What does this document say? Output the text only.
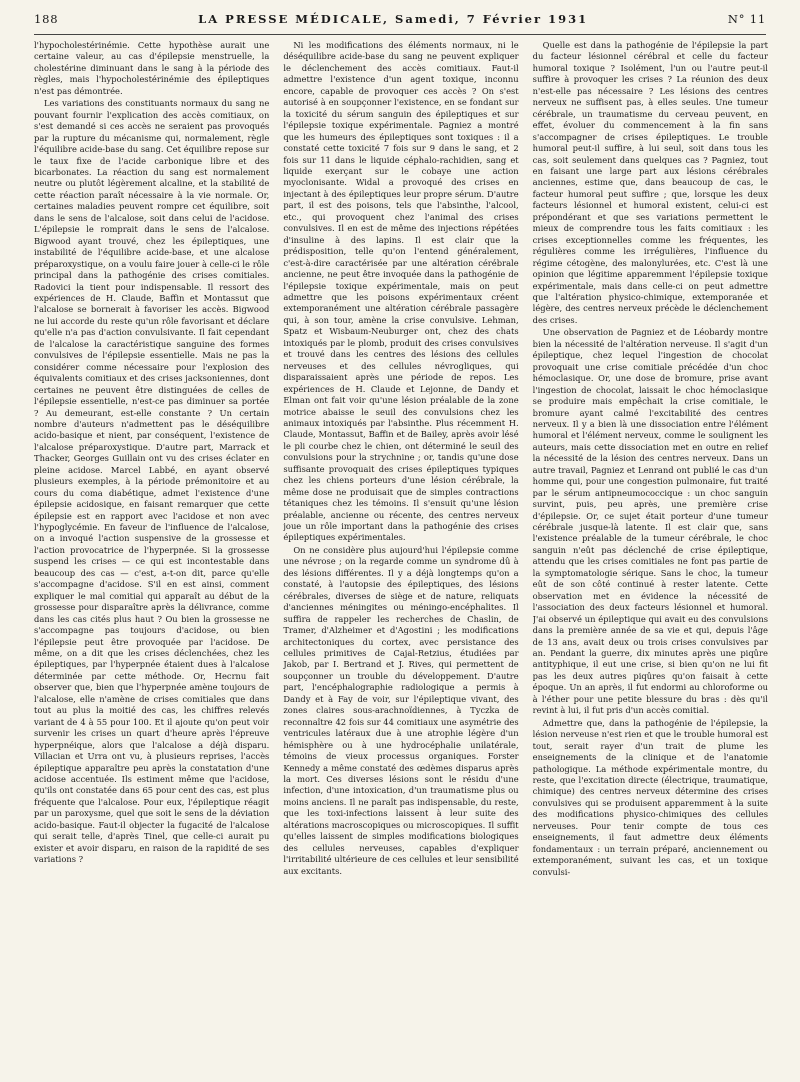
188	LA PRESSE MÉDICALE, Samedi, 7 Février 1931	N° 11

l'hypocholestérinémie. Cette hypothèse aurait une certaine valeur, au cas d'épilepsie menstruelle, la cholestérine diminuant dans le sang à la période des règles, mais l'hypocholestérinémie des épileptiques n'est pas démontrée.

Les variations des constituants normaux du sang ne pouvant fournir l'explication des accès comitiaux, on s'est demandé si ces accès ne seraient pas provoqués par la rupture du mécanisme qui, normalement, règle l'équilibre acide-base du sang. Cet équilibre repose sur le taux fixe de l'acide carbonique libre et des bicarbonates. La réaction du sang est normalement neutre ou plutôt légèrement alcaline, et la stabilité de cette réaction paraît nécessaire à la vie normale. Or, certaines maladies peuvent rompre cet équilibre, soit dans le sens de l'alcalose, soit dans celui de l'acidose. L'épilepsie le romprait dans le sens de l'alcalose. Bigwood ayant trouvé, chez les épileptiques, une instabilité de l'équilibre acide-base, et une alcalose préparoxystique, on a voulu faire jouer à celle-ci le rôle principal dans la pathogénie des crises comitiales. Radovici la tient pour indispensable. Il ressort des expériences de H. Claude, Baffin et Montassut que l'alcalose se bornerait à favoriser les accès. Bigwood ne lui accorde du reste qu'un rôle favorisant et déclare qu'elle n'a pas d'action convulsivante. Il fait cependant de l'alcalose la caractéristique sanguine des formes convulsives de l'épilepsie essentielle. Mais ne pas la considérer comme nécessaire pour l'explosion des équivalents comitiaux et des crises jacksoniennes, dont certaines ne peuvent être distinguées de celles de l'épilepsie essentielle, n'est-ce pas diminuer sa portée ? Au demeurant, est-elle constante ? Un certain nombre d'auteurs n'admettent pas le déséquilibre acido-basique et nient, par conséquent, l'existence de l'alcalose préparoxystique. D'autre part, Marrack et Thacker, Georges Guillain ont vu des crises éclater en pleine acidose. Marcel Labbé, en ayant observé plusieurs exemples, à la période prémonitoire et au cours du coma diabétique, admet l'existence d'une épilepsie acidosique, en faisant remarquer que cette épilepsie est en rapport avec l'acidose et non avec l'hypoglycémie. En faveur de l'influence de l'alcalose, on a invoqué l'action suspensive de la grossesse et l'action provocatrice de l'hyperpnée. Si la grossesse suspend les crises — ce qui est incontestable dans beaucoup des cas — c'est, a-t-on dit, parce qu'elle s'accompagne d'acidose. S'il en est ainsi, comment expliquer le mal comitial qui apparaît au début de la grossesse pour disparaître après la délivrance, comme dans les cas cités plus haut ? Ou bien la grossesse ne s'accompagne pas toujours d'acidose, ou bien l'épilepsie peut être provoquée par l'acidose. De même, on a dit que les crises déclenchées, chez les épileptiques, par l'hyperpnée étaient dues à l'alcalose déterminée par cette méthode. Or, Hecrnu fait observer que, bien que l'hyperpnée amène toujours de l'alcalose, elle n'amène de crises comitiales que dans tout au plus la moitié des cas, les chiffres relevés variant de 4 à 55 pour 100. Et il ajoute qu'on peut voir survenir les crises un quart d'heure après l'épreuve hyperpnéique, alors que l'alcalose a déjà disparu. Villacian et Urra ont vu, à plusieurs reprises, l'accès épileptique apparaître peu après la constatation d'une acidose accentuée. Ils estiment même que l'acidose, qu'ils ont constatée dans 65 pour cent des cas, est plus fréquente que l'alcalose. Pour eux, l'épileptique réagit par un paroxysme, quel que soit le sens de la déviation acido-basique. Faut-il objecter la fugacité de l'alcalose qui serait telle, d'après Tinel, que celle-ci aurait pu exister et avoir disparu, en raison de la rapidité de ses variations ?

Ni les modifications des éléments normaux, ni le déséquilibre acide-base du sang ne peuvent expliquer le déclenchement des accès comitiaux. Faut-il admettre l'existence d'un agent toxique, inconnu encore, capable de provoquer ces accès ? On s'est autorisé à en soupçonner l'existence, en se fondant sur la toxicité du sérum sanguin des épileptiques et sur l'épilepsie toxique expérimentale. Pagniez a montré que les humeurs des épileptiques sont toxiques : il a constaté cette toxicité 7 fois sur 9 dans le sang, et 2 fois sur 11 dans le liquide céphalo-rachidien, sang et liquide exerçant sur le cobaye une action myoclonisante. Widal a provoqué des crises en injectant à des épileptiques leur propre sérum. D'autre part, il est des poisons, tels que l'absinthe, l'alcool, etc., qui provoquent chez l'animal des crises convulsives. Il en est de même des injections répétées d'insuline à des lapins. Il est clair que la prédisposition, telle qu'on l'entend généralement, c'est-à-dire caractérisée par une altération cérébrale ancienne, ne peut être invoquée dans la pathogénie de l'épilepsie toxique expérimentale, mais on peut admettre que les poisons expérimentaux créent extemporanément une altération cérébrale passagère qui, à son tour, amène la crise convulsive. Lehman, Spatz et Wisbaum-Neuburger ont, chez des chats intoxiqués par le plomb, produit des crises convulsives et trouvé dans les centres des lésions des cellules nerveuses et des cellules névrogliques, qui disparaissaient après une période de repos. Les expériences de H. Claude et Lejonne, de Dandy et Elman ont fait voir qu'une lésion préalable de la zone motrice abaisse le seuil des convulsions chez les animaux intoxiqués par l'absinthe. Plus récemment H. Claude, Montassut, Baffin et de Bailey, après avoir lésé le pli courbe chez le chien, ont déterminé le seuil des convulsions pour la strychnine ; or, tandis qu'une dose suffisante provoquait des crises épileptiques typiques chez les chiens porteurs d'une lésion cérébrale, la même dose ne produisait que de simples contractions tétaniques chez les témoins. Il s'ensuit qu'une lésion préalable, ancienne ou récente, des centres nerveux joue un rôle important dans la pathogénie des crises épileptiques expérimentales.

On ne considère plus aujourd'hui l'épilepsie comme une névrose ; on la regarde comme un syndrome dû à des lésions différentes. Il y a déjà longtemps qu'on a constaté, à l'autopsie des épileptiques, des lésions cérébrales, diverses de siège et de nature, reliquats d'anciennes méningites ou méningo-encéphalites. Il suffira de rappeler les recherches de Chaslin, de Tramer, d'Alzheimer et d'Agostini ; les modifications architectoniques du cortex, avec persistance des cellules primitives de Cajal-Retzius, étudiées par Jakob, par I. Bertrand et J. Rives, qui permettent de soupçonner un trouble du développement. D'autre part, l'encéphalographie radiologique a permis à Dandy et à Fay de voir, sur l'épileptique vivant, des zones claires sous-arachnoïdiennes, à Tyczka de reconnaître 42 fois sur 44 comitiaux une asymétrie des ventricules latéraux due à une atrophie légère d'un hémisphère ou à une hydrocéphalie unilatérale, témoins de vieux processus organiques. Forster Kennedy a même constaté des œdèmes disparus après la mort. Ces diverses lésions sont le résidu d'une infection, d'une intoxication, d'un traumatisme plus ou moins anciens. Il ne paraît pas indispensable, du reste, que les toxi-infections laissent à leur suite des altérations macroscopiques ou microscopiques. Il suffit qu'elles laissent de simples modifications biologiques des cellules nerveuses, capables d'expliquer l'irritabilité ultérieure de ces cellules et leur sensibilité aux excitants.

Quelle est dans la pathogénie de l'épilepsie la part du facteur lésionnel cérébral et celle du facteur humoral toxique ? Isolément, l'un ou l'autre peut-il suffire à provoquer les crises ? La réunion des deux n'est-elle pas nécessaire ? Les lésions des centres nerveux ne suffisent pas, à elles seules. Une tumeur cérébrale, un traumatisme du cerveau peuvent, en effet, évoluer du commencement à la fin sans s'accompagner de crises épileptiques. Le trouble humoral peut-il suffire, à lui seul, soit dans tous les cas, soit seulement dans quelques cas ? Pagniez, tout en faisant une large part aux lésions cérébrales anciennes, estime que, dans beaucoup de cas, le facteur humoral peut suffire ; que, lorsque les deux facteurs lésionnel et humoral existent, celui-ci est prépondérant et que ses variations permettent le mieux de comprendre tous les faits comitiaux : les crises exceptionnelles comme les fréquentes, les régulières comme les irrégulières, l'influence du régime cétogène, des malonylurées, etc. C'est là une opinion que légitime apparemment l'épilepsie toxique expérimentale, mais dans celle-ci on peut admettre que l'altération physico-chimique, extemporanée et légère, des centres nerveux précède le déclenchement des crises.

Une observation de Pagniez et de Léobardy montre bien la nécessité de l'altération nerveuse. Il s'agit d'un épileptique, chez lequel l'ingestion de chocolat provoquait une crise comitiale précédée d'un choc hémoclasique. Or, une dose de bromure, prise avant l'ingestion de chocolat, laissait le choc hémoclasique se produire mais empêchait la crise comitiale, le bromure ayant calmé l'excitabilité des centres nerveux. Il y a bien là une dissociation entre l'élément humoral et l'élément nerveux, comme le soulignent les auteurs, mais cette dissociation met en outre en relief la nécessité de la lésion des centres nerveux. Dans un autre travail, Pagniez et Lenrand ont publié le cas d'un homme qui, pour une congestion pulmonaire, fut traité par le sérum antipneumococcique : un choc sanguin survint, puis, peu après, une première crise d'épilepsie. Or, ce sujet était porteur d'une tumeur cérébrale jusque-là latente. Il est clair que, sans l'existence préalable de la tumeur cérébrale, le choc sanguin n'eût pas déclenché de crise épileptique, attendu que les crises comitiales ne font pas partie de la symptomatologie sérique. Sans le choc, la tumeur eût de son côté continué à rester latente. Cette observation met en évidence la nécessité de l'association des deux facteurs lésionnel et humoral. J'ai observé un épileptique qui avait eu des convulsions dans la première année de sa vie et qui, depuis l'âge de 13 ans, avait deux ou trois crises convulsives par an. Pendant la guerre, dix minutes après une piqûre antityphique, il eut une crise, si bien qu'on ne lui fit pas les deux autres piqûres qu'on faisait à cette époque. Un an après, il fut endormi au chloroforme ou à l'éther pour une petite blessure du bras : dès qu'il revint à lui, il fut pris d'un accès comitial.

Admettre que, dans la pathogénie de l'épilepsie, la lésion nerveuse n'est rien et que le trouble humoral est tout, serait rayer d'un trait de plume les enseignements de la clinique et de l'anatomie pathologique. La méthode expérimentale montre, du reste, que l'excitation directe (électrique, traumatique, chimique) des centres nerveux détermine des crises convulsives qui se produisent apparemment à la suite des modifications physico-chimiques des cellules nerveuses. Pour tenir compte de tous ces enseignements, il faut admettre deux éléments fondamentaux : un terrain préparé, anciennement ou extemporanément, suivant les cas, et un toxique convulsi-
